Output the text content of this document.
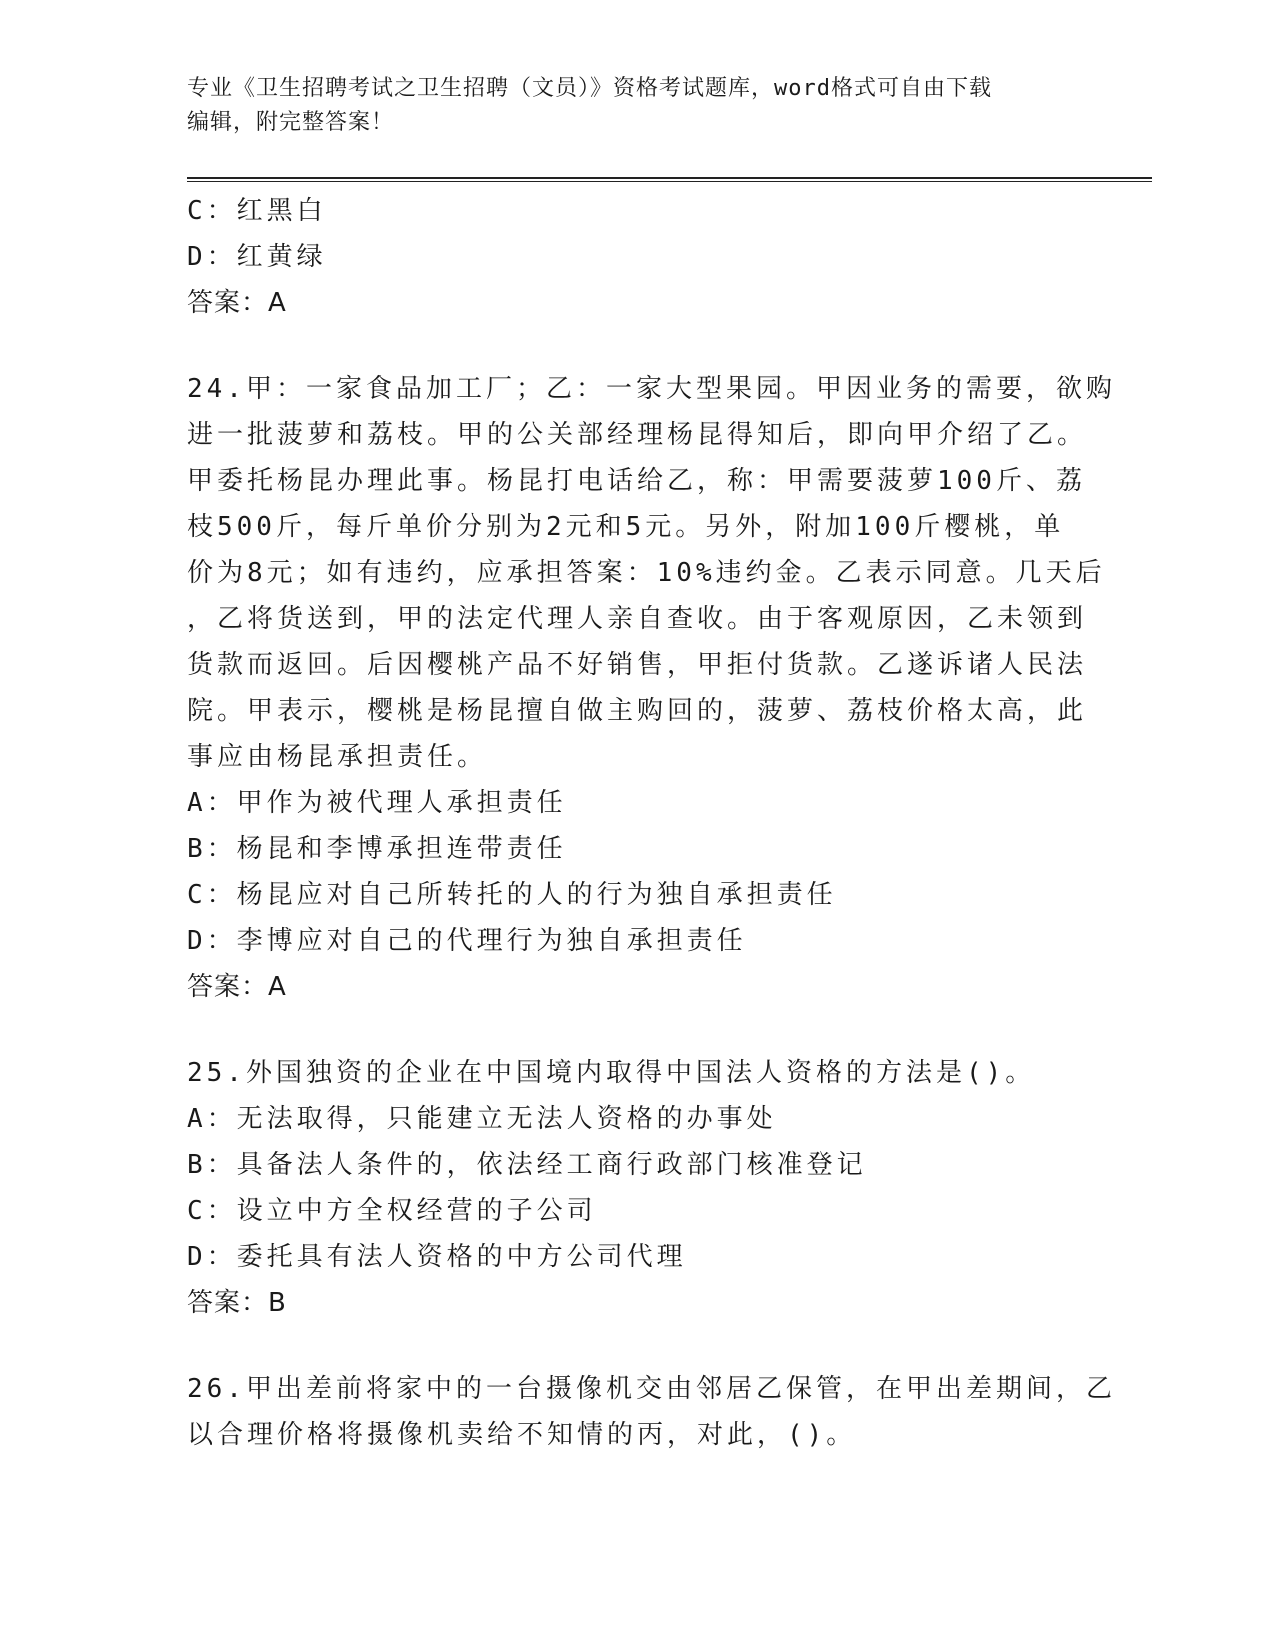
专业《卫生招聘考试之卫生招聘（文员）》资格考试题库，word格式可自由下载
编辑，附完整答案！
C：红黑白
D：红黄绿
答案：A
24.甲：一家食品加工厂；乙：一家大型果园。甲因业务的需要，欲购
进一批菠萝和荔枝。甲的公关部经理杨昆得知后，即向甲介绍了乙。
甲委托杨昆办理此事。杨昆打电话给乙，称：甲需要菠萝100斤、荔
枝500斤，每斤单价分别为2元和5元。另外，附加100斤樱桃，单
价为8元；如有违约，应承担答案：10%违约金。乙表示同意。几天后
，乙将货送到，甲的法定代理人亲自查收。由于客观原因，乙未领到
货款而返回。后因樱桃产品不好销售，甲拒付货款。乙遂诉诸人民法
院。甲表示，樱桃是杨昆擅自做主购回的，菠萝、荔枝价格太高，此
事应由杨昆承担责任。
A：甲作为被代理人承担责任
B：杨昆和李博承担连带责任
C：杨昆应对自己所转托的人的行为独自承担责任
D：李博应对自己的代理行为独自承担责任
答案：A
25.外国独资的企业在中国境内取得中国法人资格的方法是()。
A：无法取得，只能建立无法人资格的办事处
B：具备法人条件的，依法经工商行政部门核准登记
C：设立中方全权经营的子公司
D：委托具有法人资格的中方公司代理
答案：B
26.甲出差前将家中的一台摄像机交由邻居乙保管，在甲出差期间，乙
以合理价格将摄像机卖给不知情的丙，对此，()。
